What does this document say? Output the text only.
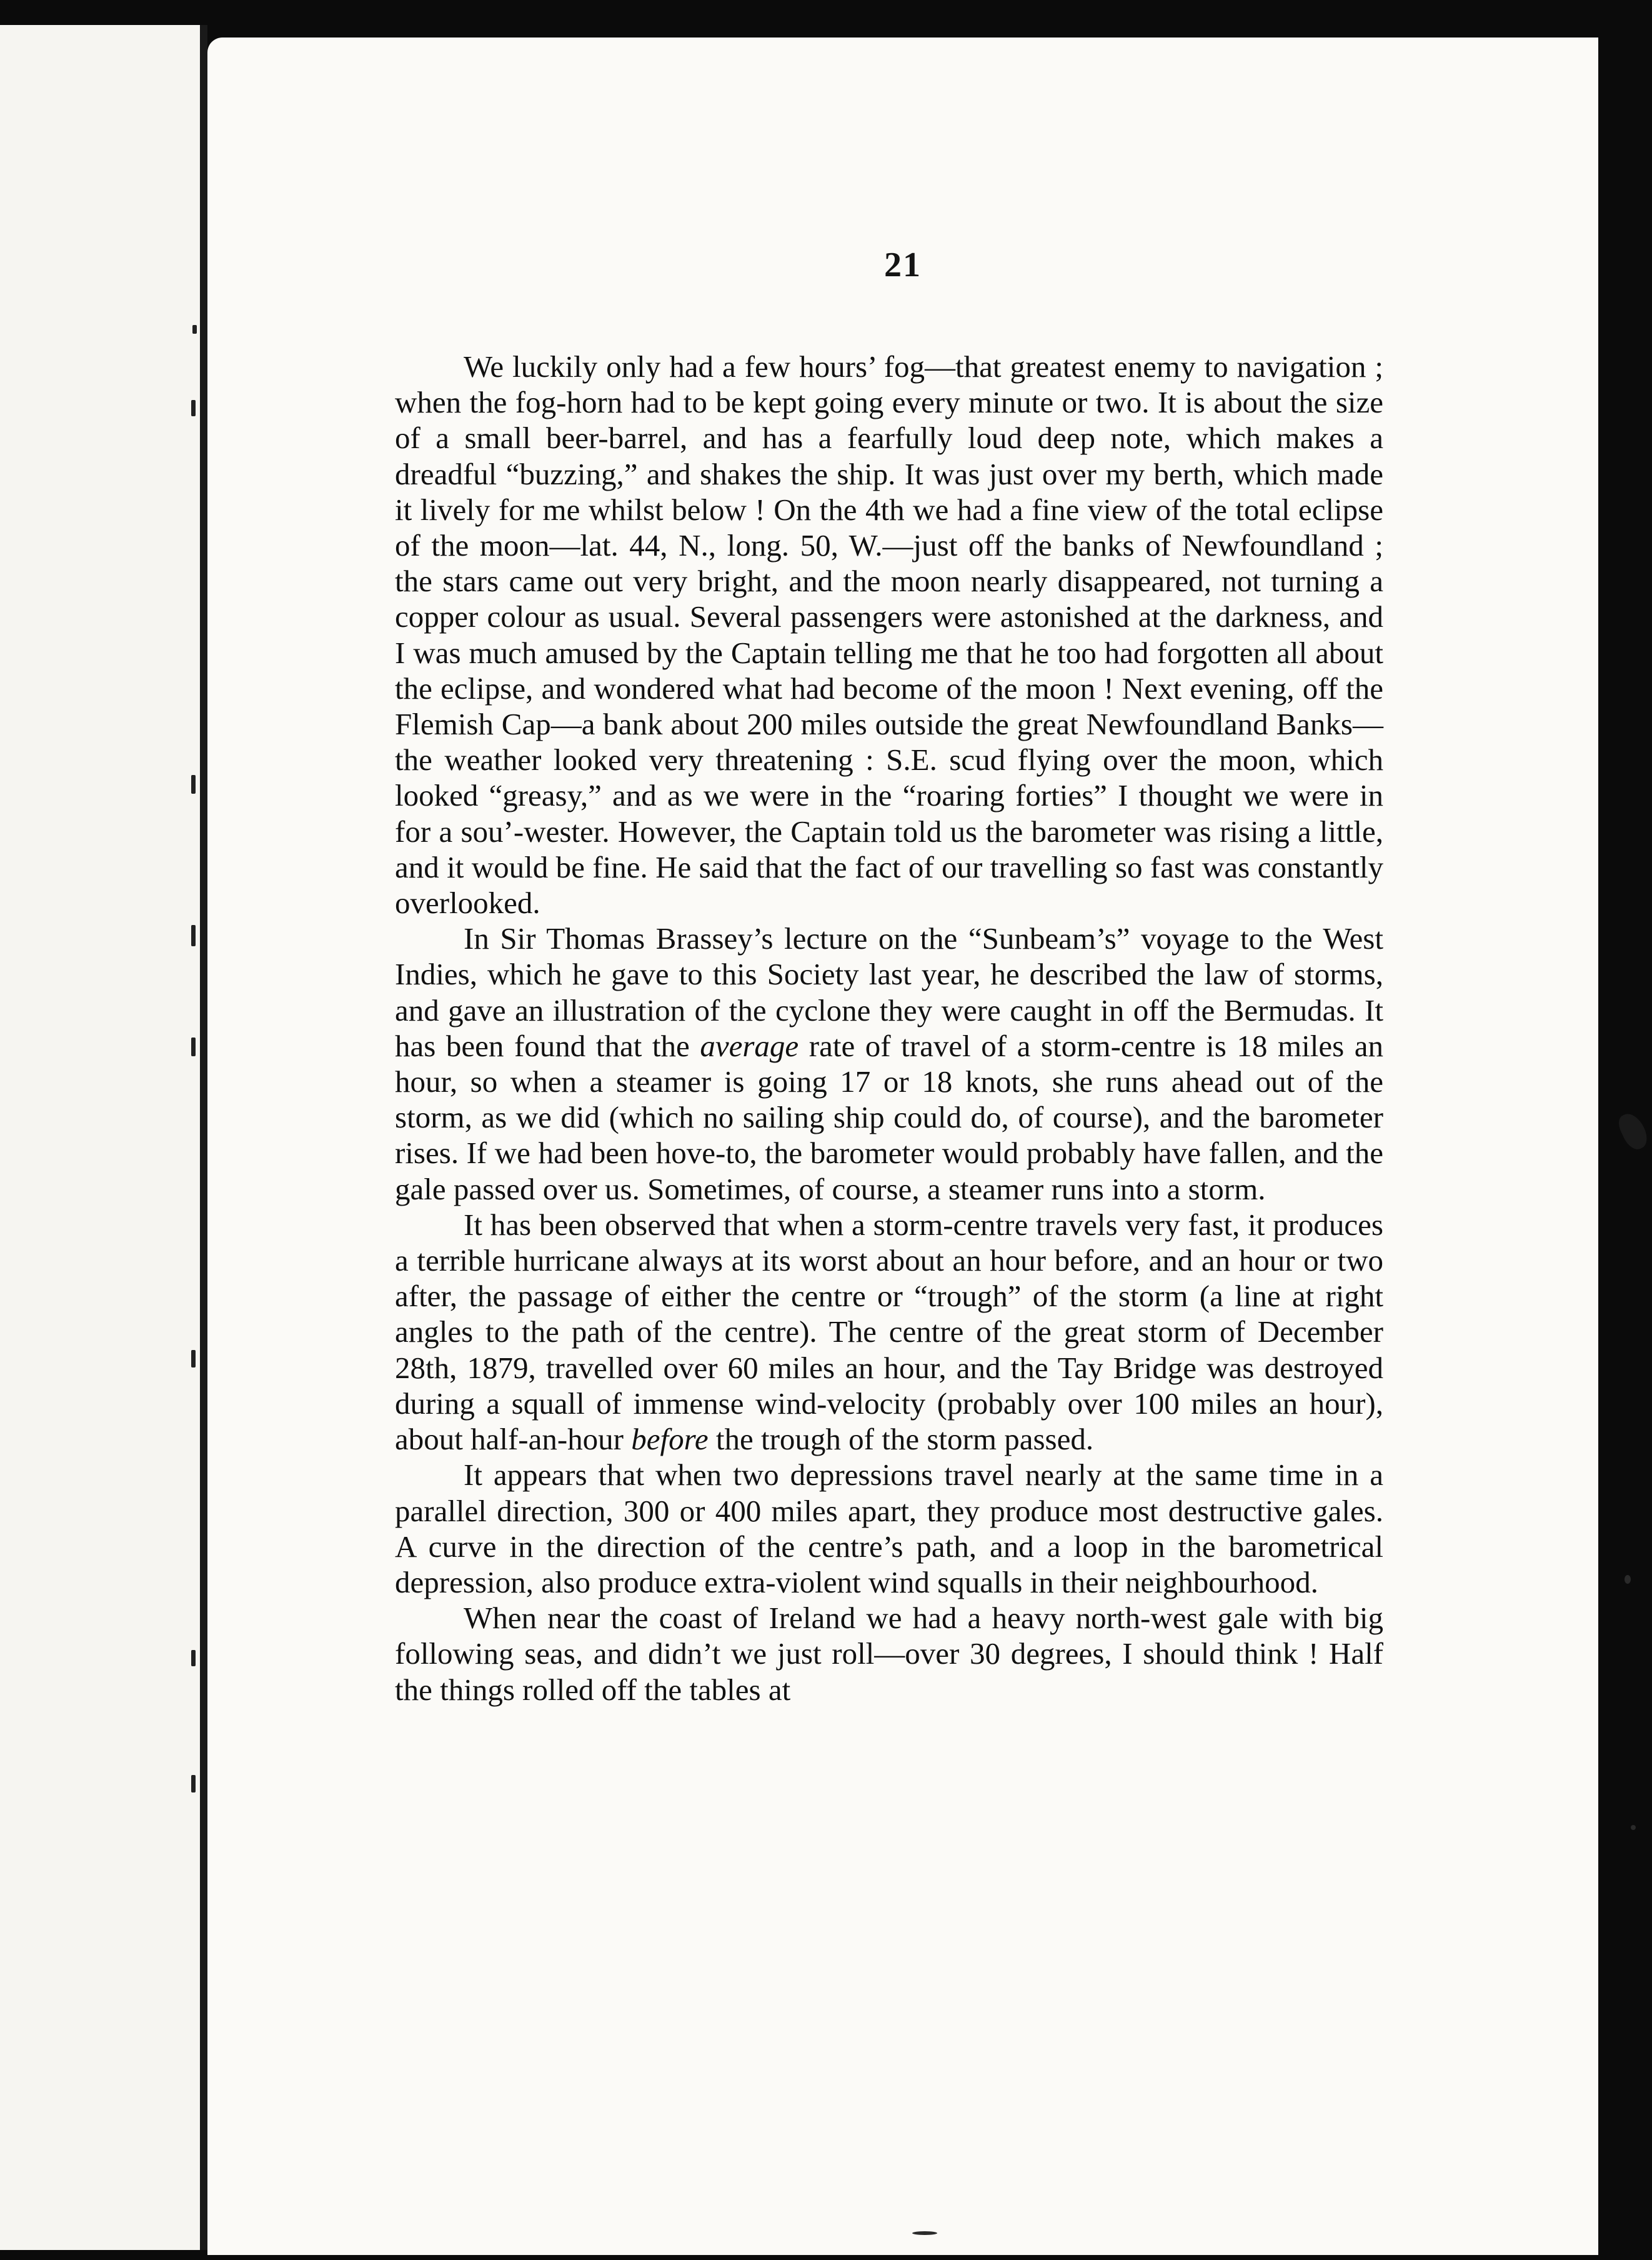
21

We luckily only had a few hours’ fog—that greatest enemy to navigation ; when the fog-horn had to be kept going every minute or two. It is about the size of a small beer-barrel, and has a fearfully loud deep note, which makes a dreadful “buzzing,” and shakes the ship. It was just over my berth, which made it lively for me whilst below ! On the 4th we had a fine view of the total eclipse of the moon—lat. 44, N., long. 50, W.—just off the banks of Newfoundland ; the stars came out very bright, and the moon nearly disappeared, not turning a copper colour as usual. Several passengers were astonished at the darkness, and I was much amused by the Captain telling me that he too had forgotten all about the eclipse, and wondered what had become of the moon ! Next evening, off the Flemish Cap—a bank about 200 miles outside the great Newfoundland Banks—the weather looked very threatening : S.E. scud flying over the moon, which looked “greasy,” and as we were in the “roaring forties” I thought we were in for a sou’-wester. However, the Captain told us the barometer was rising a little, and it would be fine. He said that the fact of our travelling so fast was constantly overlooked.

In Sir Thomas Brassey’s lecture on the “Sunbeam’s” voyage to the West Indies, which he gave to this Society last year, he described the law of storms, and gave an illustration of the cyclone they were caught in off the Bermudas. It has been found that the average rate of travel of a storm-centre is 18 miles an hour, so when a steamer is going 17 or 18 knots, she runs ahead out of the storm, as we did (which no sailing ship could do, of course), and the barometer rises. If we had been hove-to, the barometer would probably have fallen, and the gale passed over us. Sometimes, of course, a steamer runs into a storm.

It has been observed that when a storm-centre travels very fast, it produces a terrible hurricane always at its worst about an hour before, and an hour or two after, the passage of either the centre or “trough” of the storm (a line at right angles to the path of the centre). The centre of the great storm of December 28th, 1879, travelled over 60 miles an hour, and the Tay Bridge was destroyed during a squall of immense wind-velocity (probably over 100 miles an hour), about half-an-hour before the trough of the storm passed.

It appears that when two depressions travel nearly at the same time in a parallel direction, 300 or 400 miles apart, they produce most destructive gales. A curve in the direction of the centre’s path, and a loop in the barometrical depression, also produce extra-violent wind squalls in their neighbourhood.

When near the coast of Ireland we had a heavy north-west gale with big following seas, and didn’t we just roll—over 30 degrees, I should think ! Half the things rolled off the tables at
